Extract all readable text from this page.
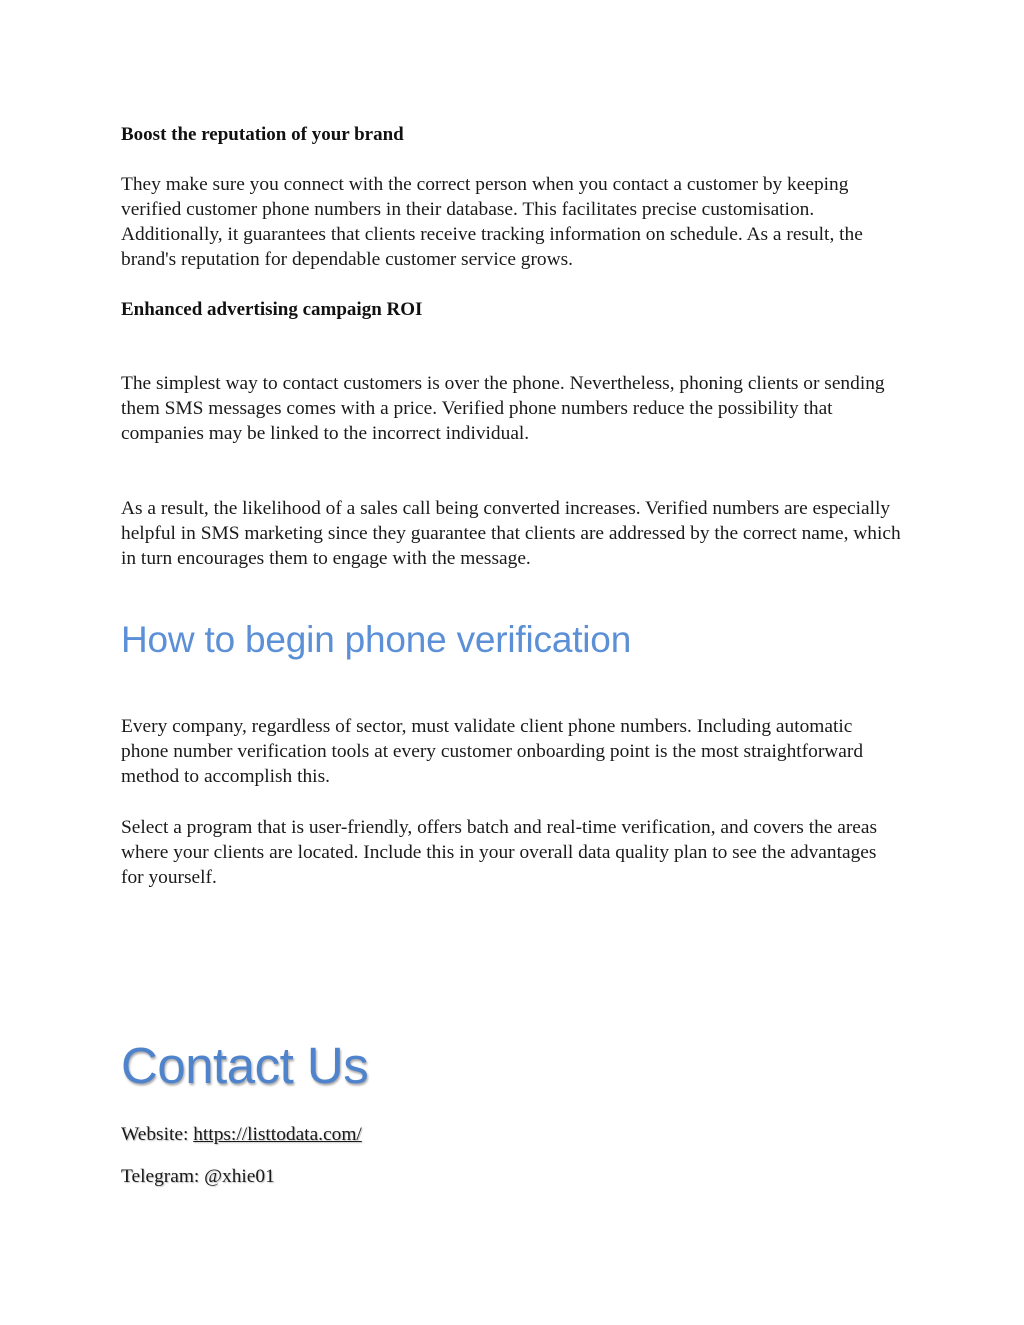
Boost the reputation of your brand

They make sure you connect with the correct person when you contact a customer by keeping verified customer phone numbers in their database. This facilitates precise customisation. Additionally, it guarantees that clients receive tracking information on schedule. As a result, the brand's reputation for dependable customer service grows.

Enhanced advertising campaign ROI

The simplest way to contact customers is over the phone. Nevertheless, phoning clients or sending them SMS messages comes with a price. Verified phone numbers reduce the possibility that companies may be linked to the incorrect individual.

As a result, the likelihood of a sales call being converted increases. Verified numbers are especially helpful in SMS marketing since they guarantee that clients are addressed by the correct name, which in turn encourages them to engage with the message.

How to begin phone verification

Every company, regardless of sector, must validate client phone numbers. Including automatic phone number verification tools at every customer onboarding point is the most straightforward method to accomplish this.

Select a program that is user-friendly, offers batch and real-time verification, and covers the areas where your clients are located. Include this in your overall data quality plan to see the advantages for yourself.

Contact Us

Website: https://listtodata.com/

Telegram: @xhie01
